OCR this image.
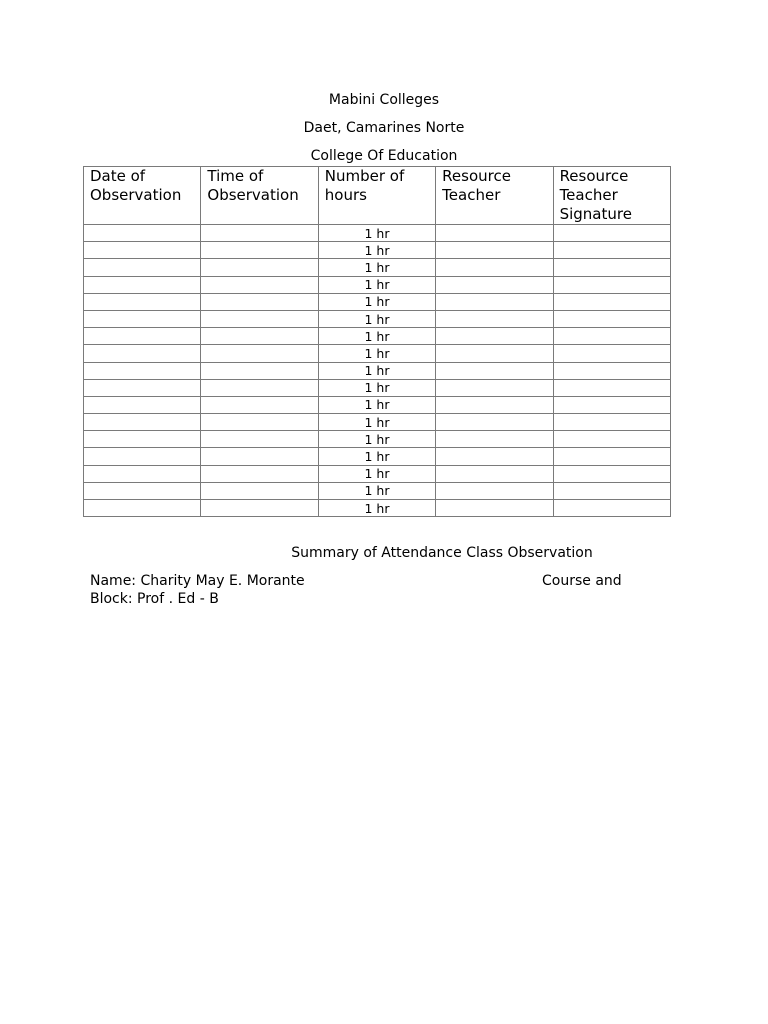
Mabini Colleges
Daet, Camarines Norte
College Of Education
Date of Observation	Time of Observation	Number of hours	Resource Teacher	Resource Teacher Signature
		1 hr		
		1 hr		
		1 hr		
		1 hr		
		1 hr		
		1 hr		
		1 hr		
		1 hr		
		1 hr		
		1 hr		
		1 hr		
		1 hr		
		1 hr		
		1 hr		
		1 hr		
		1 hr		
		1 hr		
Summary of Attendance Class Observation
Name: Charity May E. Morante	Course and
Block: Prof . Ed - B
